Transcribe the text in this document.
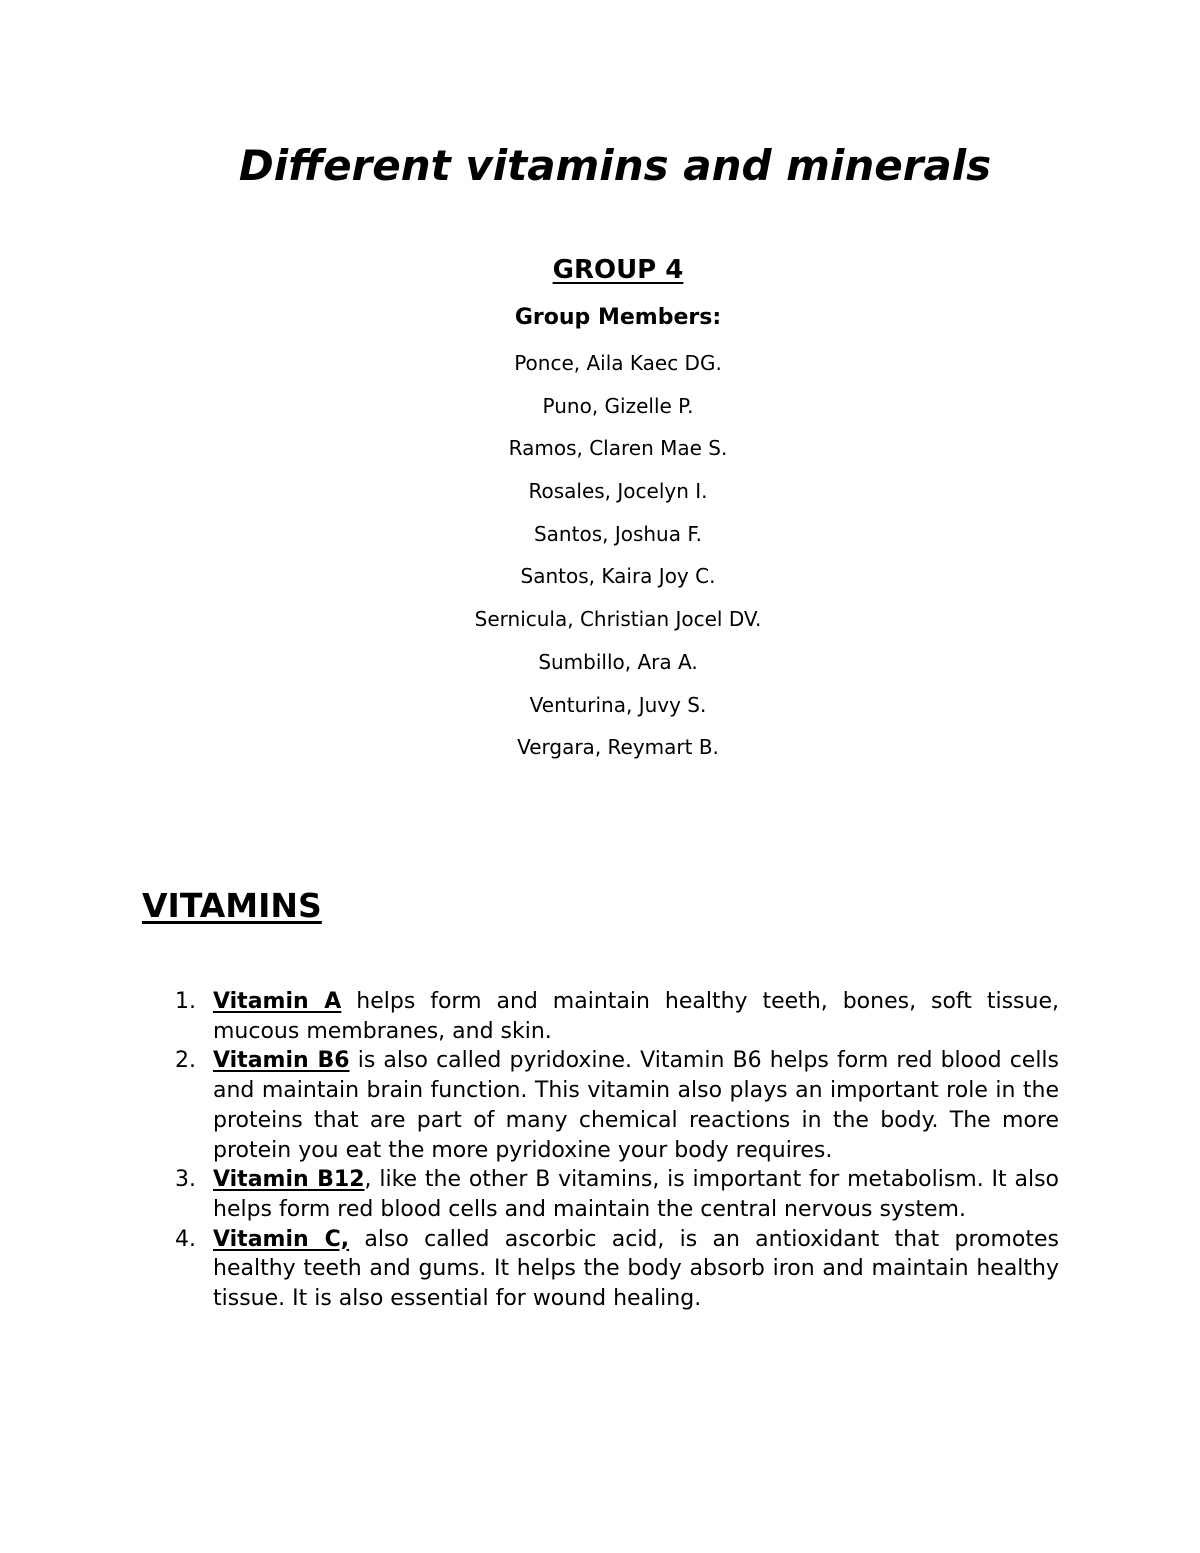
Different vitamins and minerals
GROUP 4

Group Members:

Ponce, Aila Kaec DG.
Puno, Gizelle P.
Ramos, Claren Mae S.
Rosales, Jocelyn I.
Santos, Joshua F.
Santos, Kaira Joy C.
Sernicula, Christian Jocel DV.
Sumbillo, Ara A.
Venturina, Juvy S.
Vergara, Reymart B.
VITAMINS
1. Vitamin A helps form and maintain healthy teeth, bones, soft tissue, mucous membranes, and skin.
2. Vitamin B6 is also called pyridoxine. Vitamin B6 helps form red blood cells and maintain brain function. This vitamin also plays an important role in the proteins that are part of many chemical reactions in the body. The more protein you eat the more pyridoxine your body requires.
3. Vitamin B12, like the other B vitamins, is important for metabolism. It also helps form red blood cells and maintain the central nervous system.
4. Vitamin C, also called ascorbic acid, is an antioxidant that promotes healthy teeth and gums. It helps the body absorb iron and maintain healthy tissue. It is also essential for wound healing.
